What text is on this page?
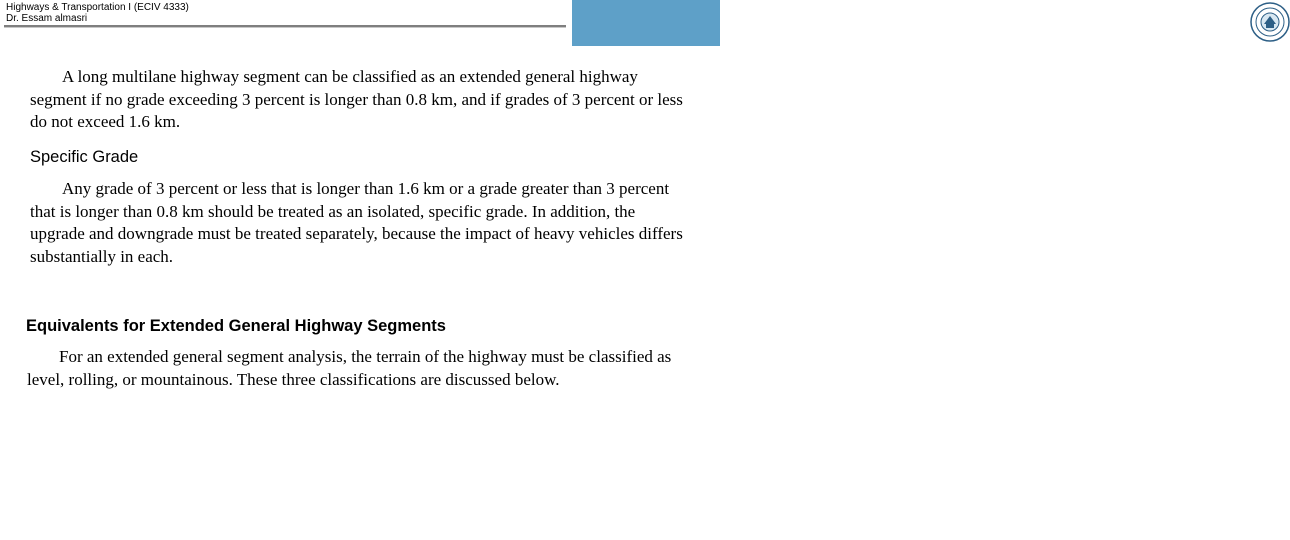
Highways & Transportation I (ECIV 4333)
Dr. Essam almasri	الجامعة الإسلامية غزة
The Islamic University of Gaza

A long multilane highway segment can be classified as an extended general highway segment if no grade exceeding 3 percent is longer than 0.8 km, and if grades of 3 percent or less do not exceed 1.6 km.

Specific Grade

Any grade of 3 percent or less that is longer than 1.6 km or a grade greater than 3 percent that is longer than 0.8 km should be treated as an isolated, specific grade. In addition, the upgrade and downgrade must be treated separately, because the impact of heavy vehicles differs substantially in each.

Equivalents for Extended General Highway Segments

For an extended general segment analysis, the terrain of the highway must be classified as level, rolling, or mountainous. These three classifications are discussed below.
